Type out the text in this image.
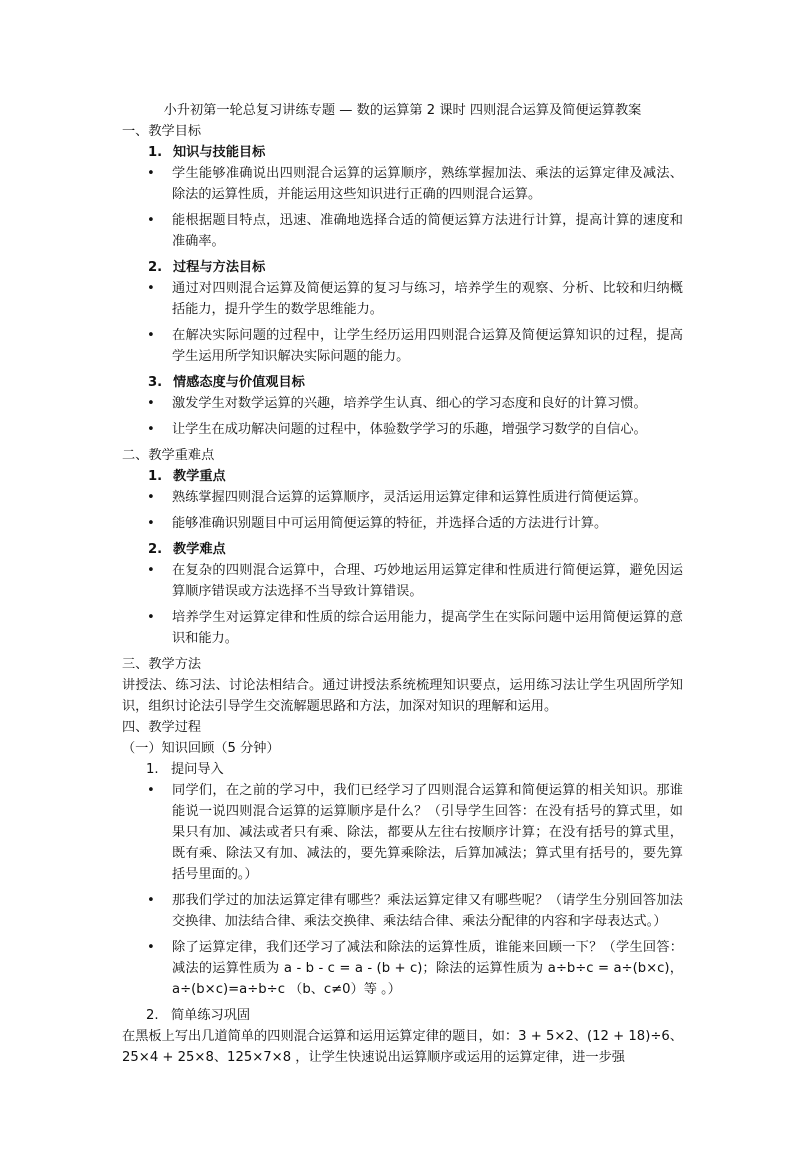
小升初第一轮总复习讲练专题 — 数的运算第 2 课时 四则混合运算及简便运算教案
一、教学目标
1. 知识与技能目标
•	学生能够准确说出四则混合运算的运算顺序，熟练掌握加法、乘法的运算定律及减法、除法的运算性质，并能运用这些知识进行正确的四则混合运算。
•	能根据题目特点，迅速、准确地选择合适的简便运算方法进行计算，提高计算的速度和准确率。
2. 过程与方法目标
•	通过对四则混合运算及简便运算的复习与练习，培养学生的观察、分析、比较和归纳概括能力，提升学生的数学思维能力。
•	在解决实际问题的过程中，让学生经历运用四则混合运算及简便运算知识的过程，提高学生运用所学知识解决实际问题的能力。
3. 情感态度与价值观目标
•	激发学生对数学运算的兴趣，培养学生认真、细心的学习态度和良好的计算习惯。
•	让学生在成功解决问题的过程中，体验数学学习的乐趣，增强学习数学的自信心。
二、教学重难点
1. 教学重点
•	熟练掌握四则混合运算的运算顺序，灵活运用运算定律和运算性质进行简便运算。
•	能够准确识别题目中可运用简便运算的特征，并选择合适的方法进行计算。
2. 教学难点
•	在复杂的四则混合运算中，合理、巧妙地运用运算定律和性质进行简便运算，避免因运算顺序错误或方法选择不当导致计算错误。
•	培养学生对运算定律和性质的综合运用能力，提高学生在实际问题中运用简便运算的意识和能力。
三、教学方法
讲授法、练习法、讨论法相结合。通过讲授法系统梳理知识要点，运用练习法让学生巩固所学知识，组织讨论法引导学生交流解题思路和方法，加深对知识的理解和运用。
四、教学过程
（一）知识回顾（5 分钟）
1. 提问导入
•	同学们，在之前的学习中，我们已经学习了四则混合运算和简便运算的相关知识。那谁能说一说四则混合运算的运算顺序是什么？（引导学生回答：在没有括号的算式里，如果只有加、减法或者只有乘、除法，都要从左往右按顺序计算；在没有括号的算式里，既有乘、除法又有加、减法的，要先算乘除法，后算加减法；算式里有括号的，要先算括号里面的。）
•	那我们学过的加法运算定律有哪些？乘法运算定律又有哪些呢？（请学生分别回答加法交换律、加法结合律、乘法交换律、乘法结合律、乘法分配律的内容和字母表达式。）
•	除了运算定律，我们还学习了减法和除法的运算性质，谁能来回顾一下？（学生回答：减法的运算性质为 a - b - c = a - (b + c)；除法的运算性质为 a÷b÷c = a÷(b×c)，a÷(b×c)=a÷b÷c （b、c≠0）等 。）
2. 简单练习巩固
在黑板上写出几道简单的四则混合运算和运用运算定律的题目，如：3 + 5×2、(12 + 18)÷6、25×4 + 25×8、125×7×8 ，让学生快速说出运算顺序或运用的运算定律，进一步强
